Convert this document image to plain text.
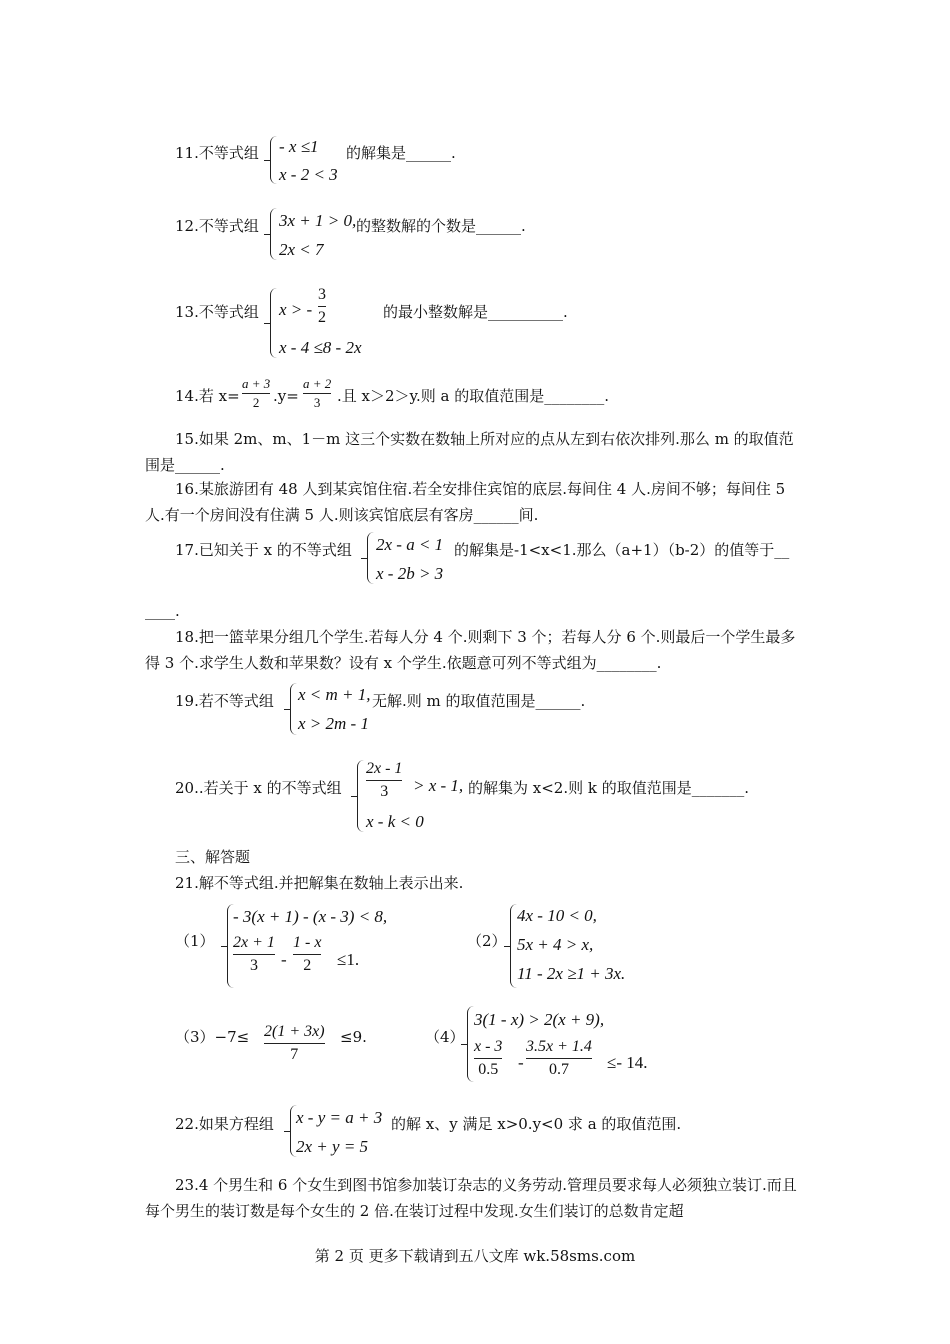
11.不等式组 - x ≤1
x - 2 < 3
的解集是______.
12.不等式组 3x + 1 > 0,
2x < 7
的整数解的个数是______.
13.不等式组 x > -
3
2
x - 4 ≤8 - 2x
的最小整数解是__________.
14.若 x=
a + 3
2 .y=
a + 2
3 .且 x＞2＞y.则 a 的取值范围是________.
15.如果 2m、m、1－m 这三个实数在数轴上所对应的点从左到右依次排列.那么 m 的取值范围是______.
16.某旅游团有 48 人到某宾馆住宿.若全安排住宾馆的底层.每间住 4 人.房间不够；每间住 5 人.有一个房间没有住满 5 人.则该宾馆底层有客房______间.
17.已知关于 x 的不等式组 2x - a < 1
x - 2b > 3
的解集是-1<x<1.那么（a+1）（b-2）的值等于__
____.
18.把一篮苹果分组几个学生.若每人分 4 个.则剩下 3 个；若每人分 6 个.则最后一个学生最多得 3 个.求学生人数和苹果数？设有 x 个学生.依题意可列不等式组为________.
19.若不等式组 x < m + 1,
x > 2m - 1
无解.则 m 的取值范围是______.
20..若关于 x 的不等式组
2x - 1
3 > x - 1,
x - k < 0
的解集为 x<2.则 k 的取值范围是_______.
三、解答题
21.解不等式组.并把解集在数轴上表示出来.
（1）
- 3(x + 1) - (x - 3) < 8,
2x + 1
3 -
1 - x
2 ≤1.
（2）
4x - 10 < 0,
5x + 4 > x,
11 - 2x ≥1 + 3x.
（3）−7≤ 2(1 + 3x)
7
≤9.	（4）
3(1 - x) > 2(x + 9),
x - 3
0.5 -
3.5x + 1.4
0.7 ≤- 14.
22.如果方程组 x - y = a + 3
2x + y = 5
的解 x、y 满足 x>0.y<0 求 a 的取值范围.
23.4 个男生和 6 个女生到图书馆参加装订杂志的义务劳动.管理员要求每人必须独立装订.而且每个男生的装订数是每个女生的 2 倍.在装订过程中发现.女生们装订的总数肯定超
第 2 页 更多下载请到五八文库 wk.58sms.com
